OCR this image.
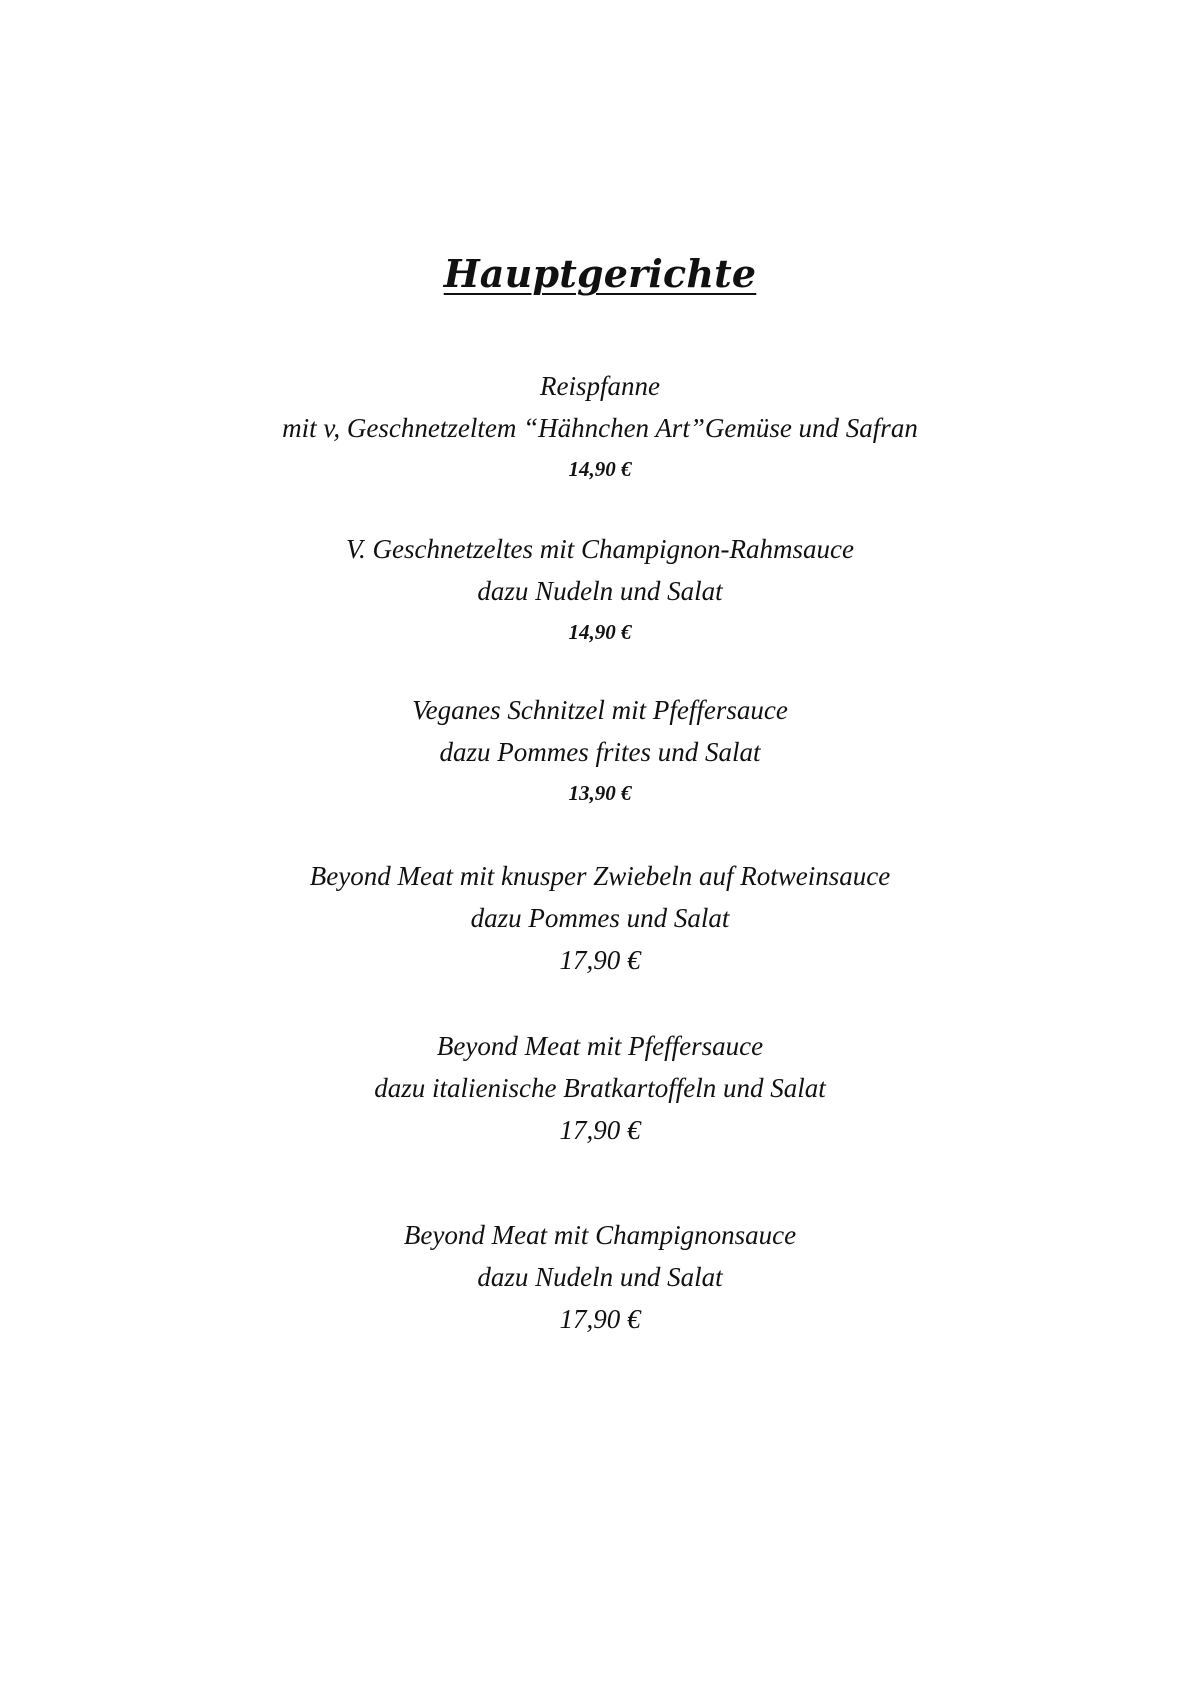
Hauptgerichte
Reispfanne
mit v, Geschnetzeltem “Hähnchen Art”Gemüse und Safran
14,90 €
V. Geschnetzeltes mit Champignon-Rahmsauce
dazu Nudeln und Salat
14,90 €
Veganes Schnitzel mit Pfeffersauce
dazu Pommes frites und Salat
13,90 €
Beyond Meat mit knusper Zwiebeln auf Rotweinsauce
dazu Pommes und Salat
17,90 €
Beyond Meat mit Pfeffersauce
dazu italienische Bratkartoffeln und Salat
17,90 €
Beyond Meat mit Champignonsauce
dazu Nudeln und Salat
17,90 €
